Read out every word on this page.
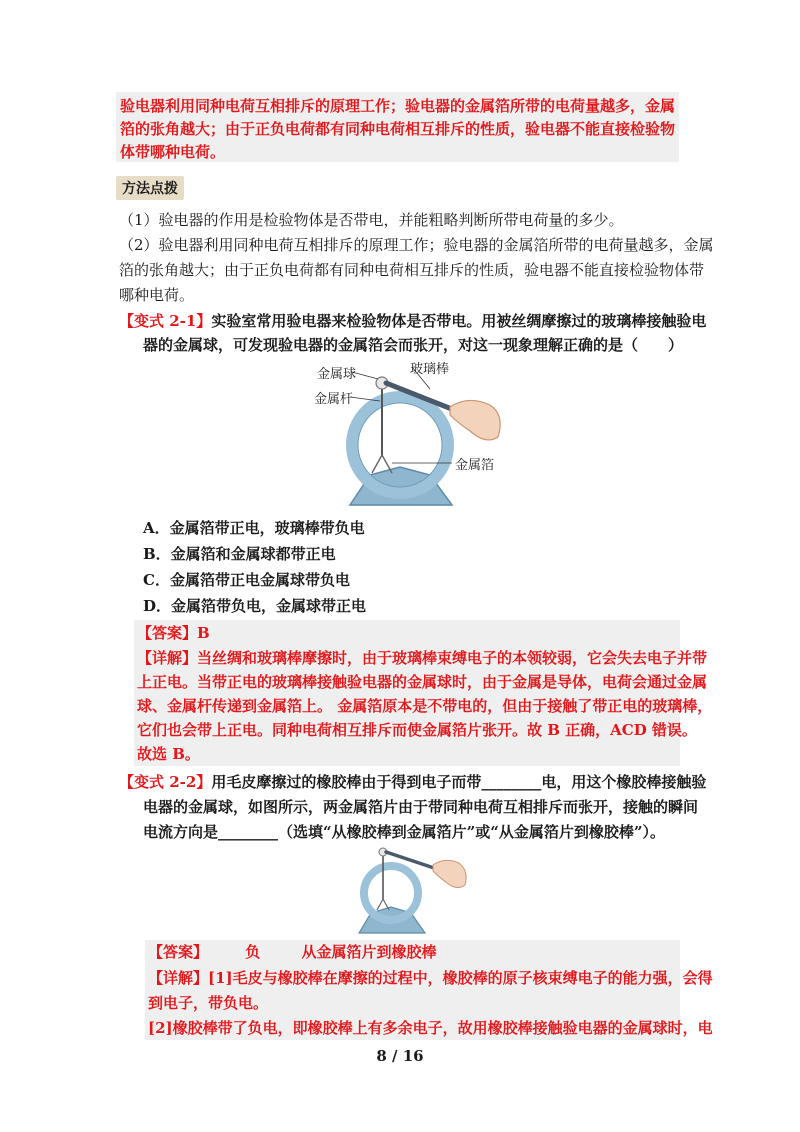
验电器利用同种电荷互相排斥的原理工作；验电器的金属箔所带的电荷量越多，金属
箔的张角越大；由于正负电荷都有同种电荷相互排斥的性质，验电器不能直接检验物
体带哪种电荷。
方法点拨
（1）验电器的作用是检验物体是否带电，并能粗略判断所带电荷量的多少。
（2）验电器利用同种电荷互相排斥的原理工作；验电器的金属箔所带的电荷量越多，金属
箔的张角越大；由于正负电荷都有同种电荷相互排斥的性质，验电器不能直接检验物体带
哪种电荷。
【变式 2-1】实验室常用验电器来检验物体是否带电。用被丝绸摩擦过的玻璃棒接触验电
器的金属球，可发现验电器的金属箔会而张开，对这一现象理解正确的是（　　）
金属球	玻璃棒
金属杆
金属箔
A．金属箔带正电，玻璃棒带负电
B．金属箔和金属球都带正电
C．金属箔带正电金属球带负电
D．金属箔带负电，金属球带正电
【答案】B
【详解】当丝绸和玻璃棒摩擦时，由于玻璃棒束缚电子的本领较弱，它会失去电子并带
上正电。当带正电的玻璃棒接触验电器的金属球时，由于金属是导体，电荷会通过金属
球、金属杆传递到金属箔上。 金属箔原本是不带电的，但由于接触了带正电的玻璃棒，
它们也会带上正电。同种电荷相互排斥而使金属箔片张开。故 B 正确，ACD 错误。
故选 B。
【变式 2-2】用毛皮摩擦过的橡胶棒由于得到电子而带________电，用这个橡胶棒接触验
电器的金属球，如图所示，两金属箔片由于带同种电荷互相排斥而张开，接触的瞬间
电流方向是________（选填“从橡胶棒到金属箔片”或“从金属箔片到橡胶棒”）。
【答案】 负	从金属箔片到橡胶棒
【详解】[1]毛皮与橡胶棒在摩擦的过程中，橡胶棒的原子核束缚电子的能力强，会得
到电子，带负电。
[2]橡胶棒带了负电，即橡胶棒上有多余电子，故用橡胶棒接触验电器的金属球时，电
8 / 16
